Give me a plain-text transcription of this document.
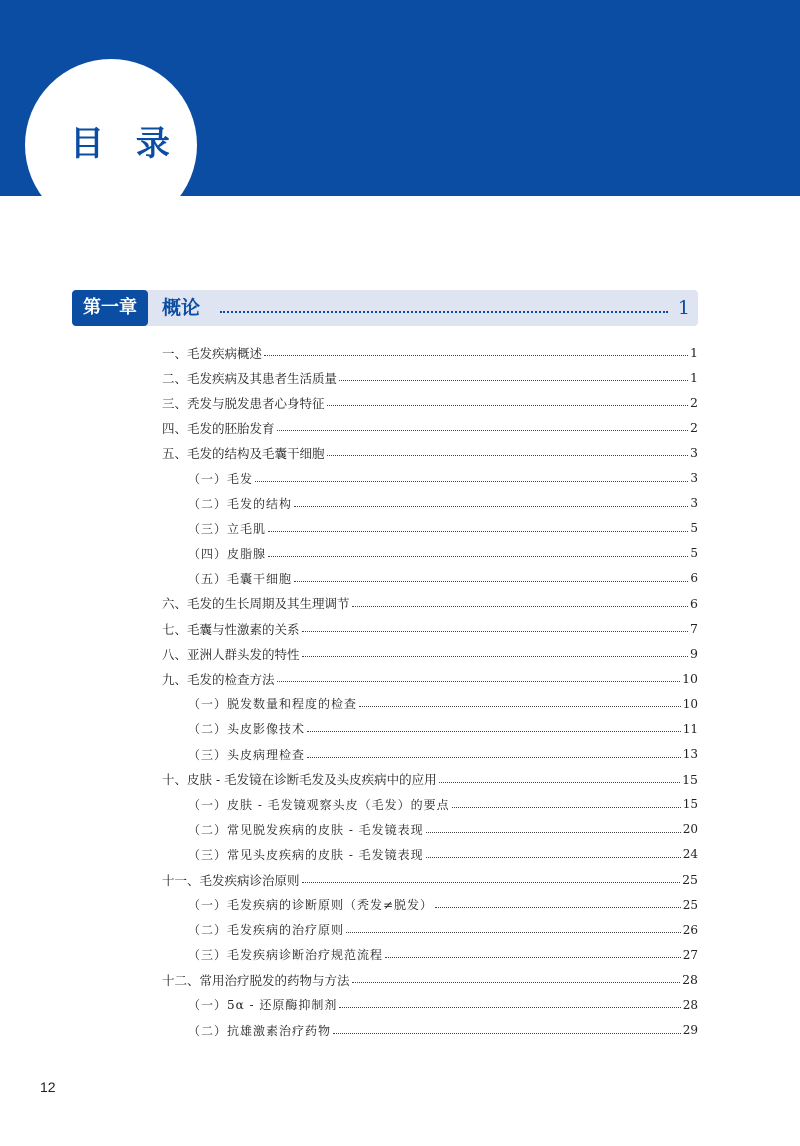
目 录
第一章	概论	1
一、毛发疾病概述	1
二、毛发疾病及其患者生活质量	1
三、秃发与脱发患者心身特征	2
四、毛发的胚胎发育	2
五、毛发的结构及毛囊干细胞	3
（一）毛发	3
（二）毛发的结构	3
（三）立毛肌	5
（四）皮脂腺	5
（五）毛囊干细胞	6
六、毛发的生长周期及其生理调节	6
七、毛囊与性激素的关系	7
八、亚洲人群头发的特性	9
九、毛发的检查方法	10
（一）脱发数量和程度的检查	10
（二）头皮影像技术	11
（三）头皮病理检查	13
十、皮肤 - 毛发镜在诊断毛发及头皮疾病中的应用	15
（一）皮肤 - 毛发镜观察头皮（毛发）的要点	15
（二）常见脱发疾病的皮肤 - 毛发镜表现	20
（三）常见头皮疾病的皮肤 - 毛发镜表现	24
十一、毛发疾病诊治原则	25
（一）毛发疾病的诊断原则（秃发≠脱发）	25
（二）毛发疾病的治疗原则	26
（三）毛发疾病诊断治疗规范流程	27
十二、常用治疗脱发的药物与方法	28
（一）5α - 还原酶抑制剂	28
（二）抗雄激素治疗药物	29
12
